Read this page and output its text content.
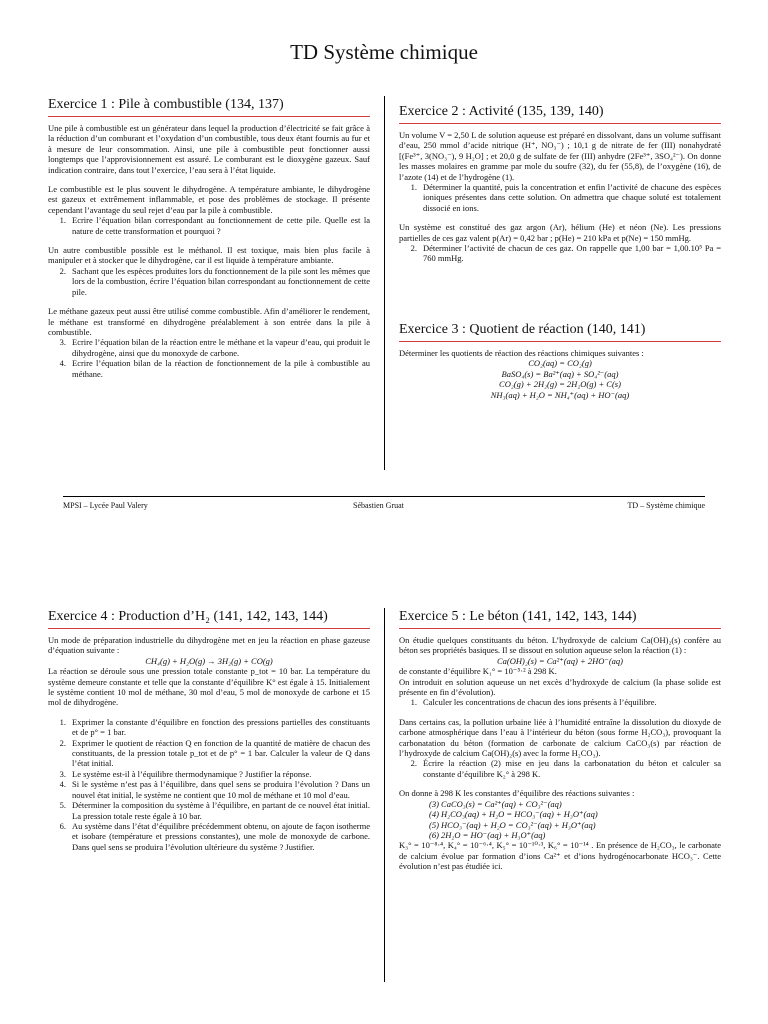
TD Système chimique
Exercice 1 : Pile à combustible (134, 137)

Une pile à combustible est un générateur dans lequel la production d’électricité se fait grâce à la réduction d’un comburant et l’oxydation d’un combustible, tous deux étant fournis au fur et à mesure de leur consommation. Ainsi, une pile à combustible peut fonctionner aussi longtemps que l’approvisionnement est assuré. Le comburant est le dioxygène gazeux. Sauf indication contraire, dans tout l’exercice, l’eau sera à l’état liquide.

Le combustible est le plus souvent le dihydrogène. A température ambiante, le dihydrogène est gazeux et extrêmement inflammable, et pose des problèmes de stockage. Il présente cependant l’avantage du seul rejet d’eau par la pile à combustible.

1. Ecrire l’équation bilan correspondant au fonctionnement de cette pile. Quelle est la nature de cette transformation et pourquoi ?

Un autre combustible possible est le méthanol. Il est toxique, mais bien plus facile à manipuler et à stocker que le dihydrogène, car il est liquide à température ambiante.

2. Sachant que les espèces produites lors du fonctionnement de la pile sont les mêmes que lors de la combustion, écrire l’équation bilan correspondant au fonctionnement de cette pile.

Le méthane gazeux peut aussi être utilisé comme combustible. Afin d’améliorer le rendement, le méthane est transformé en dihydrogène préalablement à son entrée dans la pile à combustible.

3. Ecrire l’équation bilan de la réaction entre le méthane et la vapeur d’eau, qui produit le dihydrogène, ainsi que du monoxyde de carbone.
4. Ecrire l’équation bilan de la réaction de fonctionnement de la pile à combustible au méthane.
Exercice 2 : Activité (135, 139, 140)

Un volume V = 2,50 L de solution aqueuse est préparé en dissolvant, dans un volume suffisant d’eau, 250 mmol d’acide nitrique (H⁺, NO₃⁻) ; 10,1 g de nitrate de fer (III) nonahydraté [(Fe³⁺, 3(NO₃⁻), 9 H₂O] ; et 20,0 g de sulfate de fer (III) anhydre (2Fe³⁺, 3SO₄²⁻). On donne les masses molaires en gramme par mole du soufre (32), du fer (55,8), de l’oxygène (16), de l’azote (14) et de l’hydrogène (1).

1. Déterminer la quantité, puis la concentration et enfin l’activité de chacune des espèces ioniques présentes dans cette solution. On admettra que chaque soluté est totalement dissocié en ions.

Un système est constitué des gaz argon (Ar), hélium (He) et néon (Ne). Les pressions partielles de ces gaz valent p(Ar) = 0,42 bar ; p(He) = 210 kPa et p(Ne) = 150 mmHg.

2. Déterminer l’activité de chacun de ces gaz. On rappelle que 1,00 bar = 1,00.10⁵ Pa = 760 mmHg.
Exercice 3 : Quotient de réaction (140, 141)

Déterminer les quotients de réaction des réactions chimiques suivantes :

CO₂(aq) = CO₂(g)

BaSO₄(s) = Ba²⁺(aq) + SO₄²⁻(aq)

CO₂(g) + 2H₂(g) = 2H₂O(g) + C(s)

NH₃(aq) + H₂O = NH₄⁺(aq) + HO⁻(aq)

MPSI – Lycée Paul Valery	Sébastien Gruat	TD – Système chimique
Exercice 4 : Production d’H₂ (141, 142, 143, 144)

Un mode de préparation industrielle du dihydrogène met en jeu la réaction en phase gazeuse d’équation suivante :

CH₄(g) + H₂O(g) → 3H₂(g) + CO(g)

La réaction se déroule sous une pression totale constante p_tot = 10 bar. La température du système demeure constante et telle que la constante d’équilibre K° est égale à 15. Initialement le système contient 10 mol de méthane, 30 mol d’eau, 5 mol de monoxyde de carbone et 15 mol de dihydrogène.

1. Exprimer la constante d’équilibre en fonction des pressions partielles des constituants et de p° = 1 bar.
2. Exprimer le quotient de réaction Q en fonction de la quantité de matière de chacun des constituants, de la pression totale p_tot et de p° = 1 bar. Calculer la valeur de Q dans l’état initial.
3. Le système est-il à l’équilibre thermodynamique ? Justifier la réponse.
4. Si le système n’est pas à l’équilibre, dans quel sens se produira l’évolution ? Dans un nouvel état initial, le système ne contient que 10 mol de méthane et 10 mol d’eau.
5. Déterminer la composition du système à l’équilibre, en partant de ce nouvel état initial. La pression totale reste égale à 10 bar.
6. Au système dans l’état d’équilibre précédemment obtenu, on ajoute de façon isotherme et isobare (température et pressions constantes), une mole de monoxyde de carbone. Dans quel sens se produira l’évolution ultérieure du système ? Justifier.
Exercice 5 : Le béton (141, 142, 143, 144)

On étudie quelques constituants du béton. L’hydroxyde de calcium Ca(OH)₂(s) confère au béton ses propriétés basiques. Il se dissout en solution aqueuse selon la réaction (1) :

Ca(OH)₂(s) = Ca²⁺(aq) + 2HO⁻(aq)

de constante d’équilibre K₁° = 10⁻⁵·² à 298 K.

On introduit en solution aqueuse un net excès d’hydroxyde de calcium (la phase solide est présente en fin d’évolution).

1. Calculer les concentrations de chacun des ions présents à l’équilibre.

Dans certains cas, la pollution urbaine liée à l’humidité entraîne la dissolution du dioxyde de carbone atmosphérique dans l’eau à l’intérieur du béton (sous forme H₂CO₃), provoquant la carbonatation du béton (formation de carbonate de calcium CaCO₃(s) par réaction de l’hydroxyde de calcium Ca(OH)₂(s) avec la forme H₂CO₃).

2. Écrire la réaction (2) mise en jeu dans la carbonatation du béton et calculer sa constante d’équilibre K₂° à 298 K.

On donne à 298 K les constantes d’équilibre des réactions suivantes :

(3) CaCO₃(s) = Ca²⁺(aq) + CO₃²⁻(aq)

(4) H₂CO₃(aq) + H₂O = HCO₃⁻(aq) + H₃O⁺(aq)

(5) HCO₃⁻(aq) + H₂O = CO₃²⁻(aq) + H₃O⁺(aq)

(6) 2H₂O = HO⁻(aq) + H₃O⁺(aq)

K₃° = 10⁻⁸·⁴, K₄° = 10⁻⁶·⁴, K₅° = 10⁻¹⁰·³, K₆° = 10⁻¹⁴ . En présence de H₂CO₃, le carbonate de calcium évolue par formation d’ions Ca²⁺ et d’ions hydrogénocarbonate HCO₃⁻. Cette évolution n’est pas étudiée ici.
